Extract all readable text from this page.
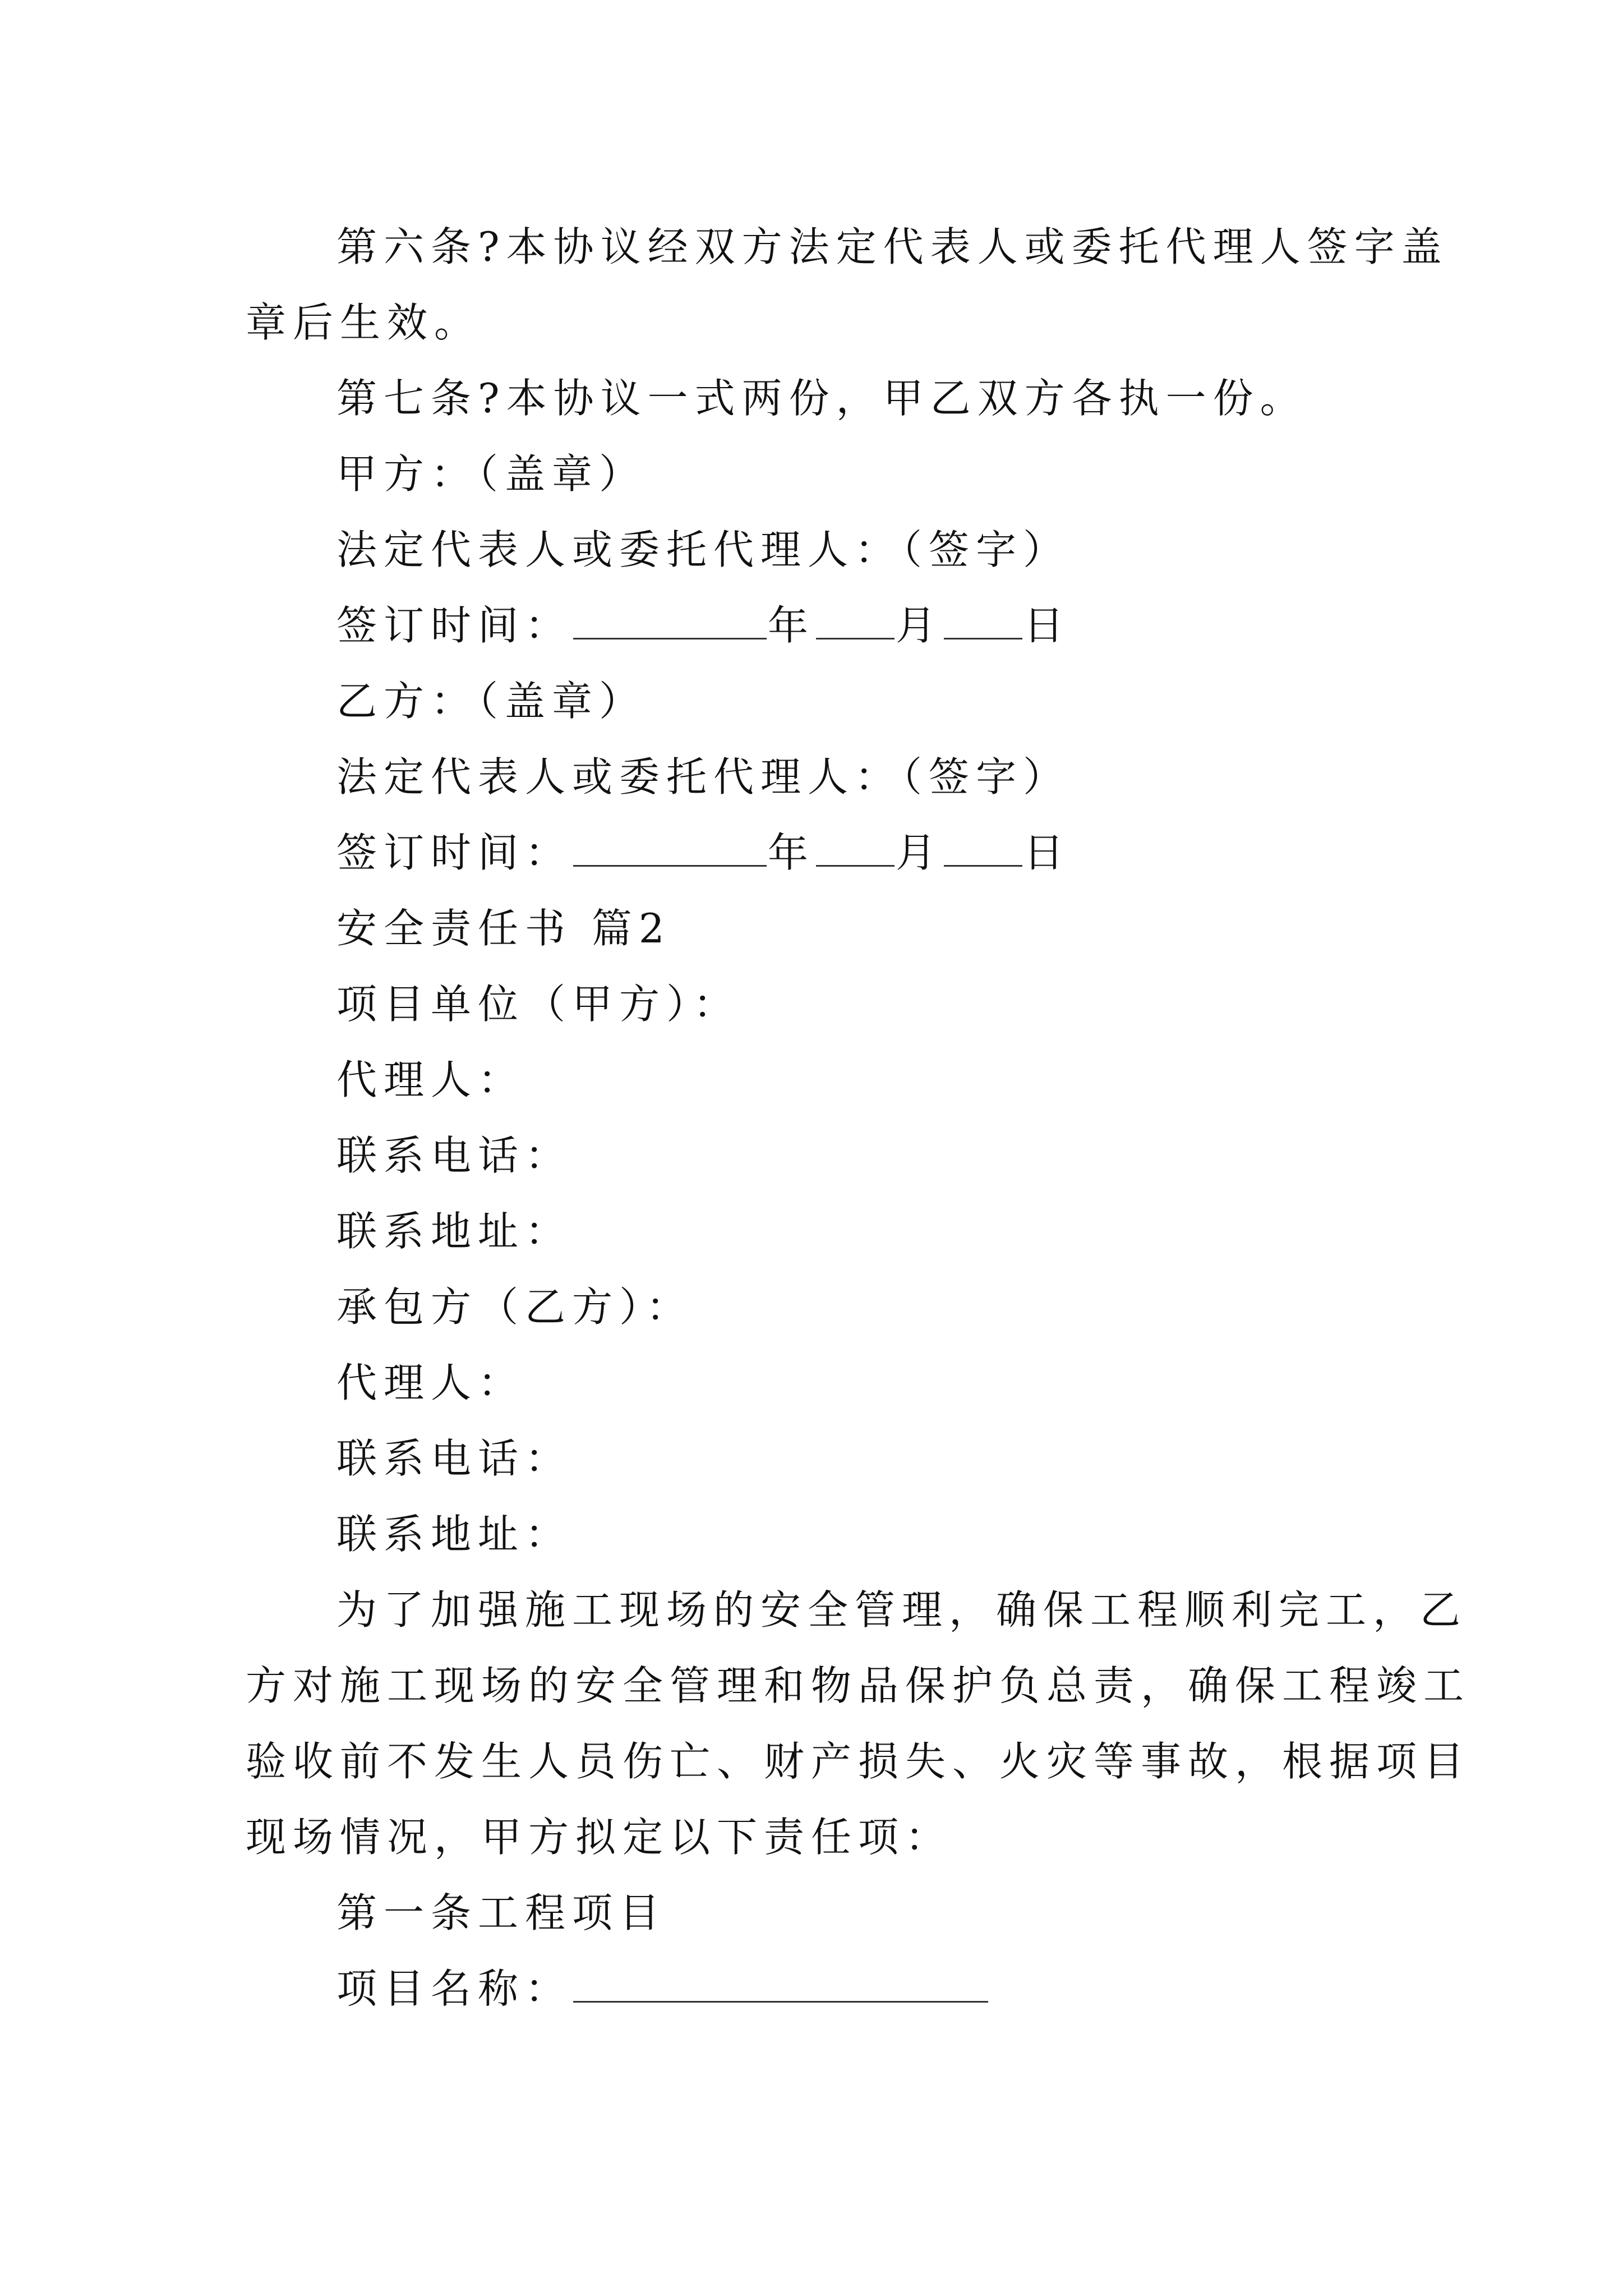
第六条?本协议经双方法定代表人或委托代理人签字盖
章后生效。
第七条?本协议一式两份，甲乙双方各执一份。
甲方：（盖章）
法定代表人或委托代理人：（签字）
签订时间：	年 月 日
乙方：（盖章）
法定代表人或委托代理人：（签字）
签订时间：	年 月 日
安全责任书 篇2
项目单位（甲方）：
代理人：
联系电话：
联系地址：
承包方（乙方）：
代理人：
联系电话：
联系地址：
为了加强施工现场的安全管理，确保工程顺利完工，乙
方对施工现场的安全管理和物品保护负总责，确保工程竣工
验收前不发生人员伤亡、财产损失、火灾等事故，根据项目
现场情况，甲方拟定以下责任项：
第一条工程项目
项目名称：
